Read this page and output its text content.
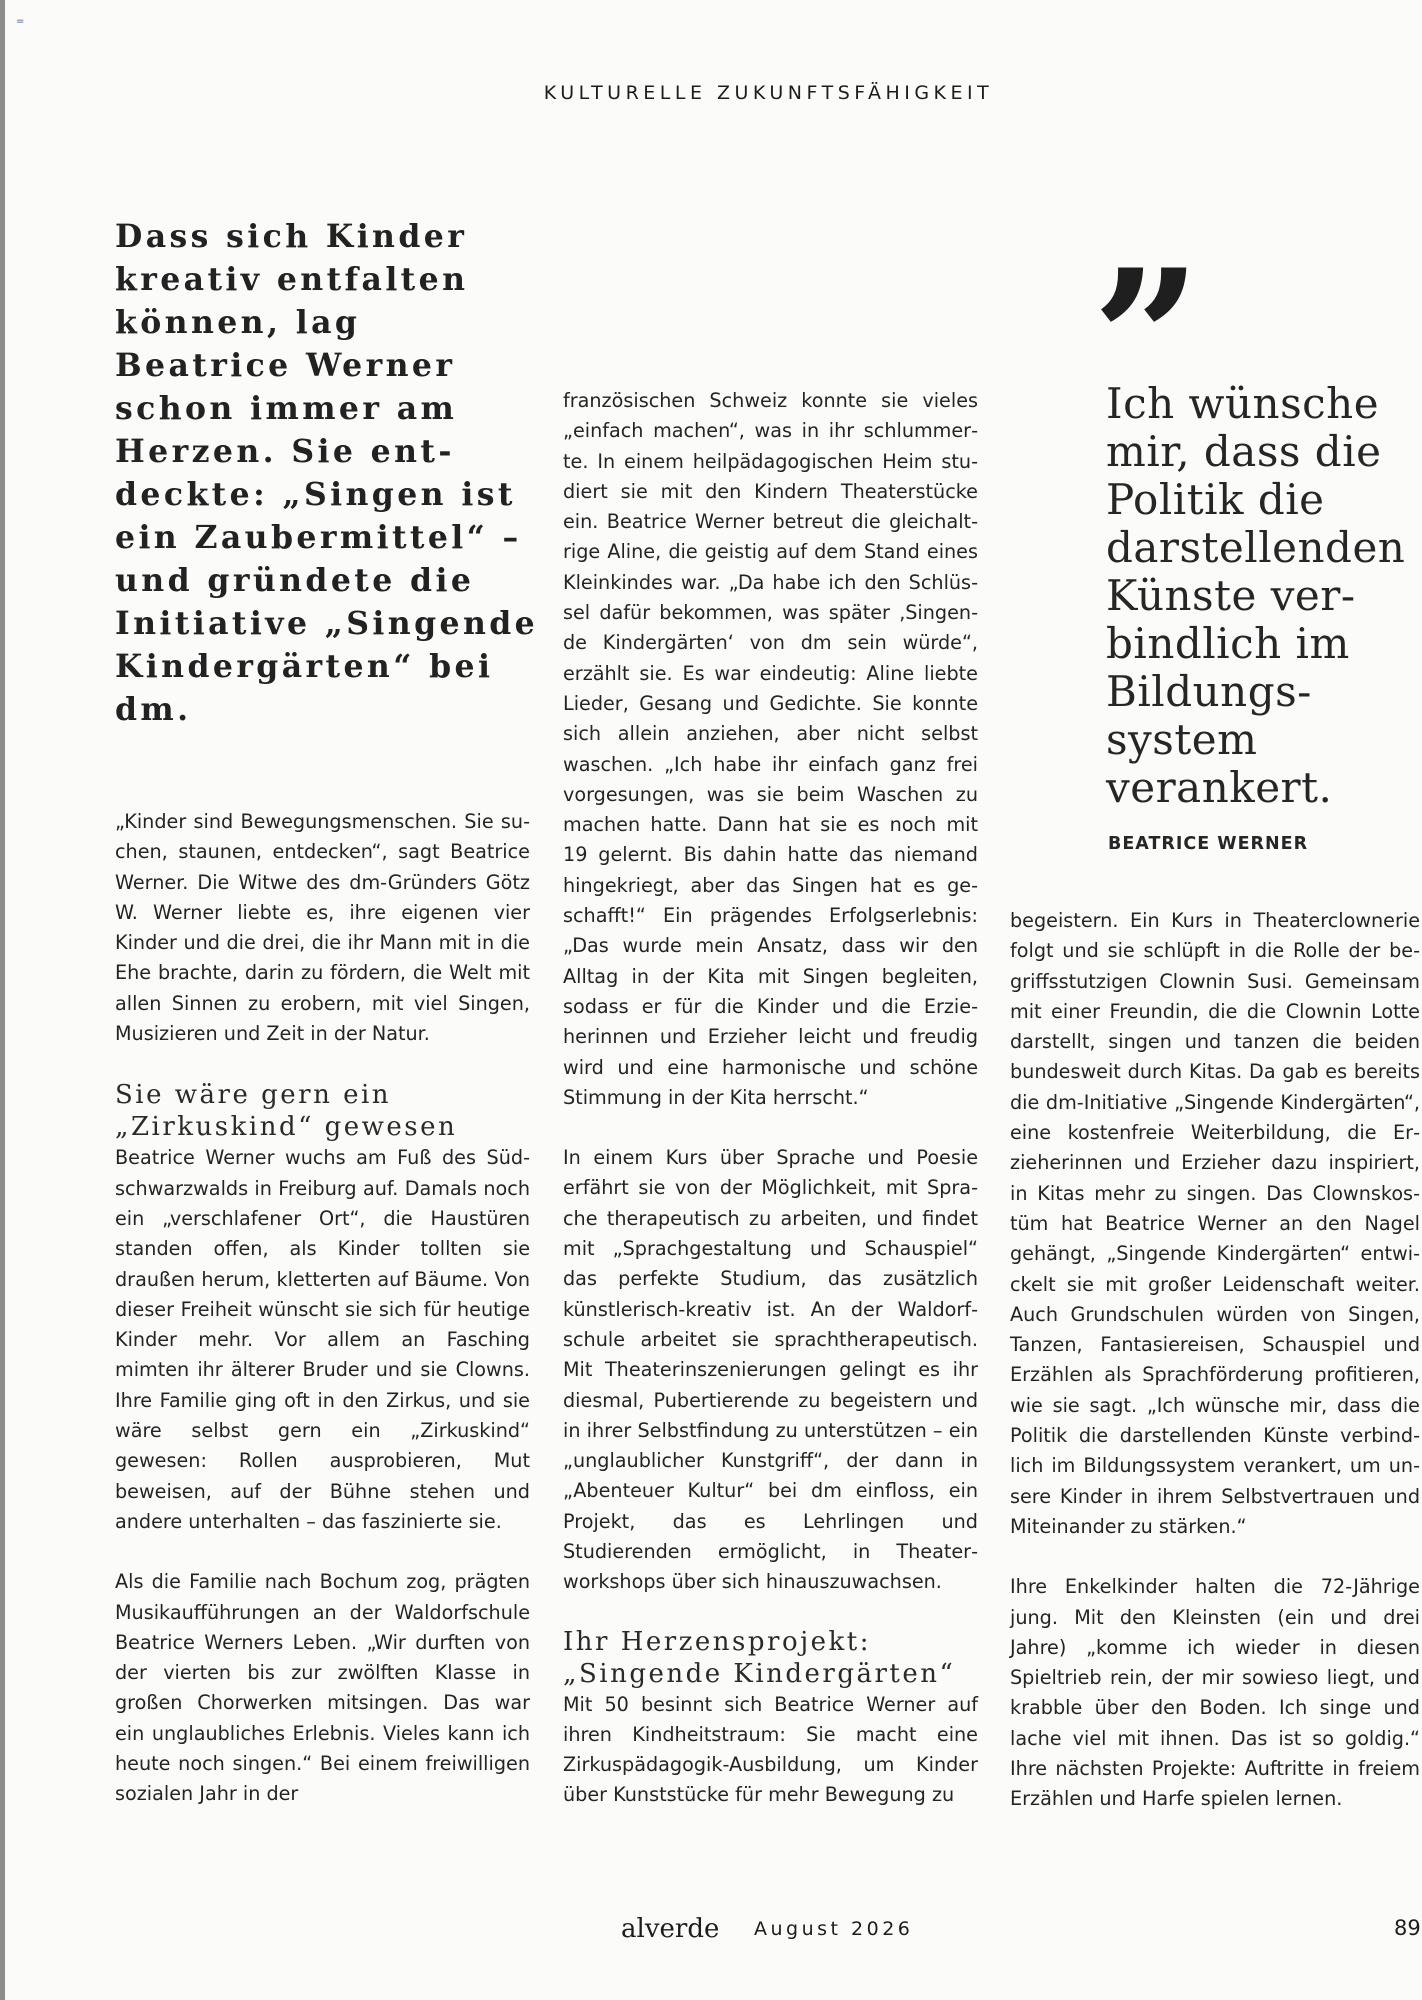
=
KULTURELLE ZUKUNFTSFÄHIGKEIT
Dass sich Kinder kreativ entfalten können, lag Beatrice Werner schon immer am Herzen. Sie entdeckte: „Singen ist ein Zaubermittel“ – und gründete die Initiative „Singende Kindergärten“ bei dm.

„Kinder sind Bewegungsmenschen. Sie suchen, staunen, entdecken“, sagt Beatrice Werner. Die Witwe des dm-Gründers Götz W. Werner liebte es, ihre eigenen vier Kinder und die drei, die ihr Mann mit in die Ehe brachte, darin zu fördern, die Welt mit allen Sinnen zu erobern, mit viel Singen, Musizieren und Zeit in der Natur.

Sie wäre gern ein „Zirkuskind“ gewesen

Beatrice Werner wuchs am Fuß des Südschwarzwalds in Freiburg auf. Damals noch ein „verschlafener Ort“, die Haustüren standen offen, als Kinder tollten sie draußen herum, kletterten auf Bäume. Von dieser Freiheit wünscht sie sich für heutige Kinder mehr. Vor allem an Fasching mimten ihr älterer Bruder und sie Clowns. Ihre Familie ging oft in den Zirkus, und sie wäre selbst gern ein „Zirkuskind“ gewesen: Rollen ausprobieren, Mut beweisen, auf der Bühne stehen und andere unterhalten – das faszinierte sie.

Als die Familie nach Bochum zog, prägten Musikaufführungen an der Waldorfschule Beatrice Werners Leben. „Wir durften von der vierten bis zur zwölften Klasse in großen Chorwerken mitsingen. Das war ein unglaubliches Erlebnis. Vieles kann ich heute noch singen.“ Bei einem freiwilligen sozialen Jahr in der

französischen Schweiz konnte sie vieles „einfach machen“, was in ihr schlummerte. In einem heilpädagogischen Heim studiert sie mit den Kindern Theaterstücke ein. Beatrice Werner betreut die gleichaltrige Aline, die geistig auf dem Stand eines Kleinkindes war. „Da habe ich den Schlüssel dafür bekommen, was später ‚Singende Kindergärten‘ von dm sein würde“, erzählt sie. Es war eindeutig: Aline liebte Lieder, Gesang und Gedichte. Sie konnte sich allein anziehen, aber nicht selbst waschen. „Ich habe ihr einfach ganz frei vorgesungen, was sie beim Waschen zu machen hatte. Dann hat sie es noch mit 19 gelernt. Bis dahin hatte das niemand hingekriegt, aber das Singen hat es geschafft!“ Ein prägendes Erfolgserlebnis: „Das wurde mein Ansatz, dass wir den Alltag in der Kita mit Singen begleiten, sodass er für die Kinder und die Erzieherinnen und Erzieher leicht und freudig wird und eine harmonische und schöne Stimmung in der Kita herrscht.“

In einem Kurs über Sprache und Poesie erfährt sie von der Möglichkeit, mit Sprache therapeutisch zu arbeiten, und findet mit „Sprachgestaltung und Schauspiel“ das perfekte Studium, das zusätzlich künstlerisch-kreativ ist. An der Waldorfschule arbeitet sie sprachtherapeutisch. Mit Theaterinszenierungen gelingt es ihr diesmal, Pubertierende zu begeistern und in ihrer Selbstfindung zu unterstützen – ein „unglaublicher Kunstgriff“, der dann in „Abenteuer Kultur“ bei dm einfloss, ein Projekt, das es Lehrlingen und Studierenden ermöglicht, in Theaterworkshops über sich hinauszuwachsen.

Ihr Herzensprojekt: „Singende Kindergärten“

Mit 50 besinnt sich Beatrice Werner auf ihren Kindheitstraum: Sie macht eine Zirkuspädagogik-Ausbildung, um Kinder über Kunststücke für mehr Bewegung zu

”

Ich wünsche mir, dass die Politik die darstellenden Künste verbindlich im Bildungssystem verankert.

BEATRICE WERNER

begeistern. Ein Kurs in Theaterclownerie folgt und sie schlüpft in die Rolle der begriffsstutzigen Clownin Susi. Gemeinsam mit einer Freundin, die die Clownin Lotte darstellt, singen und tanzen die beiden bundesweit durch Kitas. Da gab es bereits die dm-Initiative „Singende Kindergärten“, eine kostenfreie Weiterbildung, die Erzieherinnen und Erzieher dazu inspiriert, in Kitas mehr zu singen. Das Clownskostüm hat Beatrice Werner an den Nagel gehängt, „Singende Kindergärten“ entwickelt sie mit großer Leidenschaft weiter. Auch Grundschulen würden von Singen, Tanzen, Fantasiereisen, Schauspiel und Erzählen als Sprachförderung profitieren, wie sie sagt. „Ich wünsche mir, dass die Politik die darstellenden Künste verbindlich im Bildungssystem verankert, um unsere Kinder in ihrem Selbstvertrauen und Miteinander zu stärken.“

Ihre Enkelkinder halten die 72-Jährige jung. Mit den Kleinsten (ein und drei Jahre) „komme ich wieder in diesen Spieltrieb rein, der mir sowieso liegt, und krabble über den Boden. Ich singe und lache viel mit ihnen. Das ist so goldig.“ Ihre nächsten Projekte: Auftritte in freiem Erzählen und Harfe spielen lernen.

alverde August 2026	89
